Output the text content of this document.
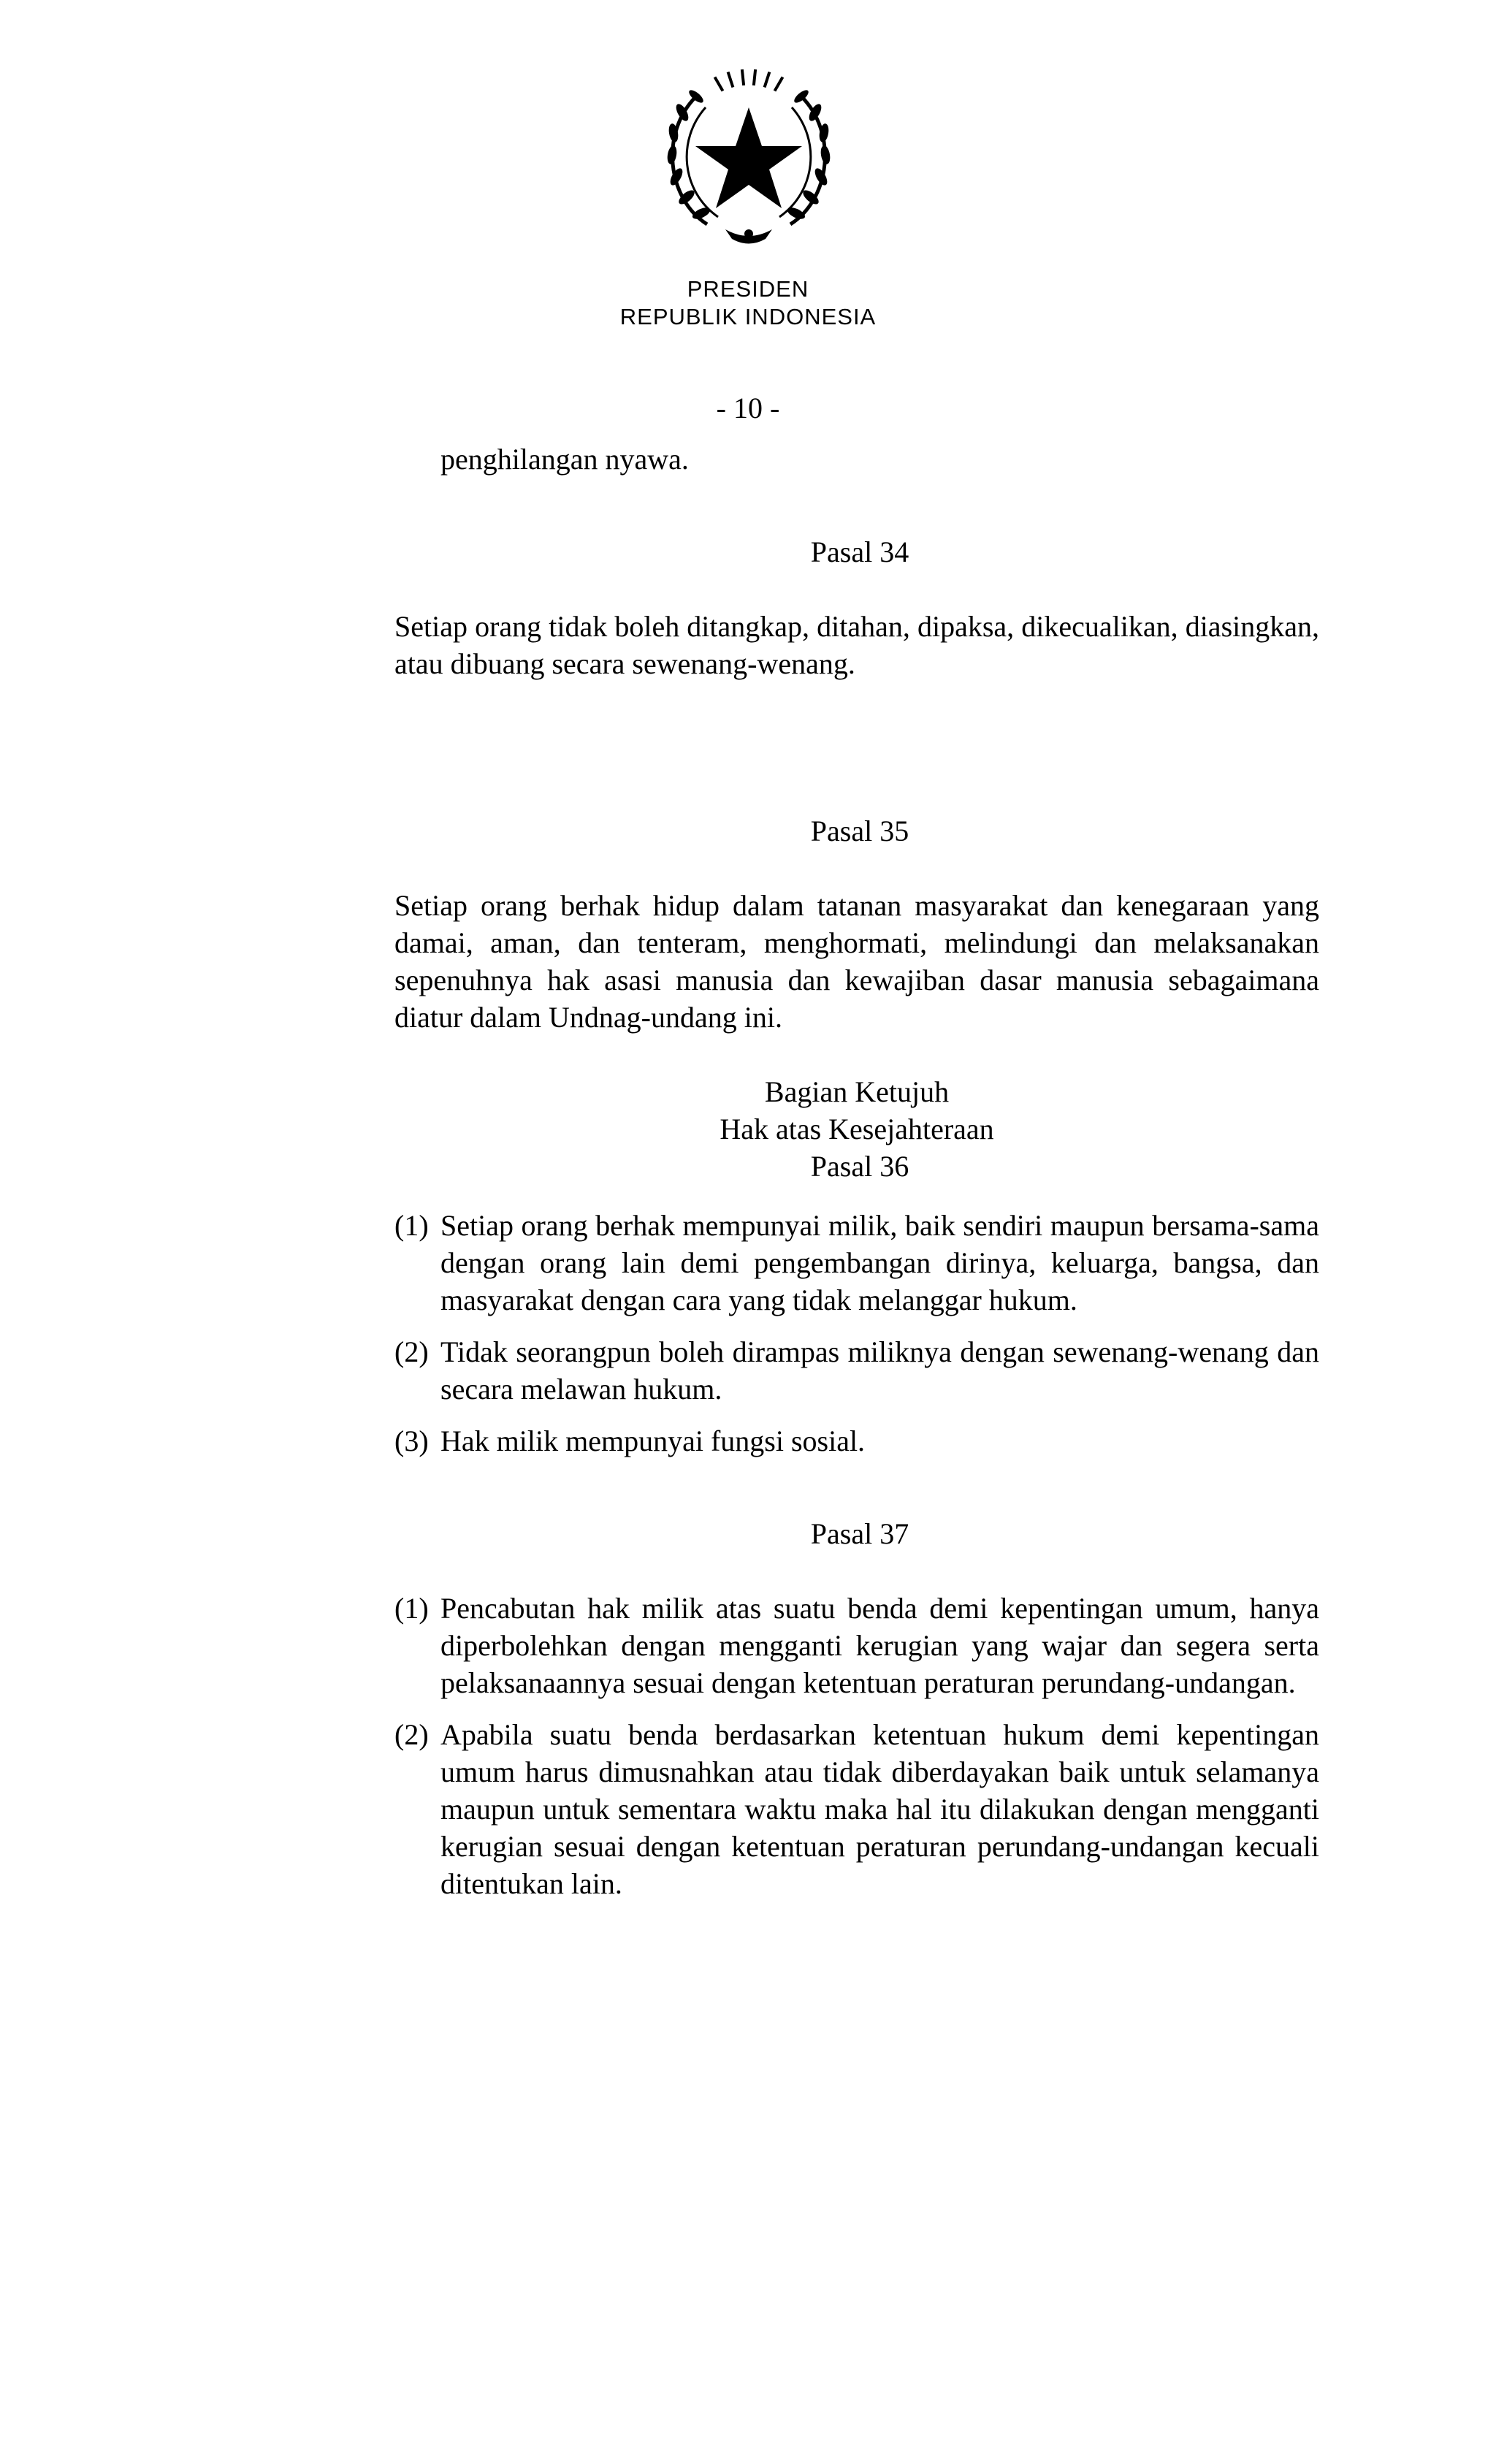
PRESIDEN
REPUBLIK INDONESIA
- 10 -

penghilangan nyawa.

Pasal 34

Setiap orang tidak boleh ditangkap, ditahan, dipaksa, dikecualikan, diasingkan, atau dibuang secara sewenang-wenang.

Pasal 35

Setiap orang berhak hidup dalam tatanan masyarakat dan kenegaraan yang damai, aman, dan tenteram, menghormati, melindungi dan melaksanakan sepenuhnya hak asasi manusia dan kewajiban dasar manusia sebagaimana diatur dalam Undnag-undang ini.

Bagian Ketujuh

Hak atas Kesejahteraan

Pasal 36

(1) Setiap orang berhak mempunyai milik, baik sendiri maupun bersama-sama dengan orang lain demi pengembangan dirinya, keluarga, bangsa, dan masyarakat dengan cara yang tidak melanggar hukum.
(2) Tidak seorangpun boleh dirampas miliknya dengan sewenang-wenang dan secara melawan hukum.
(3) Hak milik mempunyai fungsi sosial.

Pasal 37

(1) Pencabutan hak milik atas suatu benda demi kepentingan umum, hanya diperbolehkan dengan mengganti kerugian yang wajar dan segera serta pelaksanaannya sesuai dengan ketentuan peraturan perundang-undangan.
(2) Apabila suatu benda berdasarkan ketentuan hukum demi kepentingan umum harus dimusnahkan atau tidak diberdayakan baik untuk selamanya maupun untuk sementara waktu maka hal itu dilakukan dengan mengganti kerugian sesuai dengan ketentuan peraturan perundang-undangan kecuali ditentukan lain.
